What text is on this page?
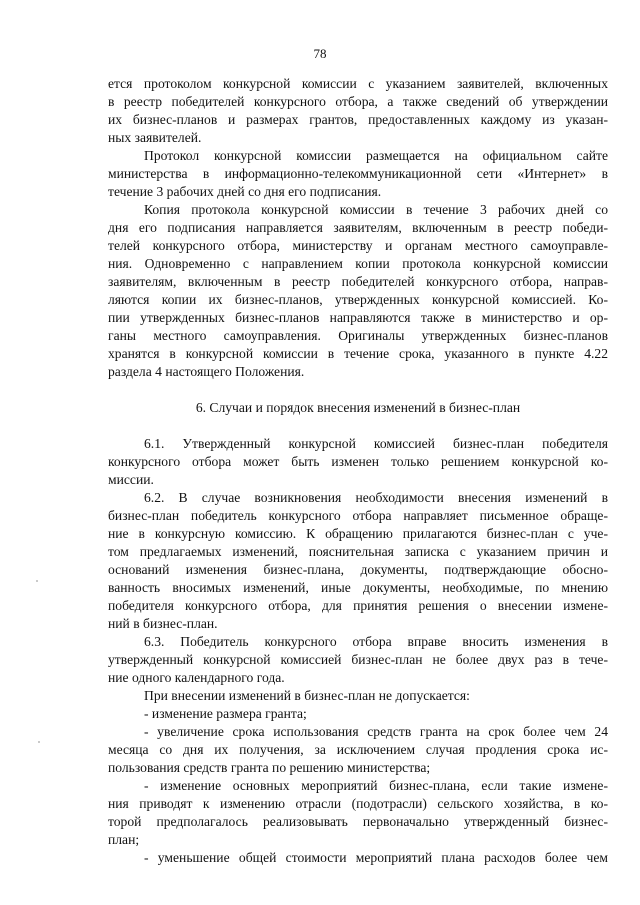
78
ется протоколом конкурсной комиссии с указанием заявителей, включенных
в реестр победителей конкурсного отбора, а также сведений об утверждении
их бизнес-планов и размерах грантов, предоставленных каждому из указан-
ных заявителей.
Протокол конкурсной комиссии размещается на официальном сайте
министерства в информационно-телекоммуникационной сети «Интернет» в
течение 3 рабочих дней со дня его подписания.
Копия протокола конкурсной комиссии в течение 3 рабочих дней со
дня его подписания направляется заявителям, включенным в реестр победи-
телей конкурсного отбора, министерству и органам местного самоуправле-
ния. Одновременно с направлением копии протокола конкурсной комиссии
заявителям, включенным в реестр победителей конкурсного отбора, направ-
ляются копии их бизнес-планов, утвержденных конкурсной комиссией. Ко-
пии утвержденных бизнес-планов направляются также в министерство и ор-
ганы местного самоуправления. Оригиналы утвержденных бизнес-планов
хранятся в конкурсной комиссии в течение срока, указанного в пункте 4.22
раздела 4 настоящего Положения.
6. Случаи и порядок внесения изменений в бизнес-план
6.1. Утвержденный конкурсной комиссией бизнес-план победителя
конкурсного отбора может быть изменен только решением конкурсной ко-
миссии.
6.2. В случае возникновения необходимости внесения изменений в
бизнес-план победитель конкурсного отбора направляет письменное обраще-
ние в конкурсную комиссию. К обращению прилагаются бизнес-план с уче-
том предлагаемых изменений, пояснительная записка с указанием причин и
оснований изменения бизнес-плана, документы, подтверждающие обосно-
ванность вносимых изменений, иные документы, необходимые, по мнению
победителя конкурсного отбора, для принятия решения о внесении измене-
ний в бизнес-план.
6.3. Победитель конкурсного отбора вправе вносить изменения в
утвержденный конкурсной комиссией бизнес-план не более двух раз в тече-
ние одного календарного года.
При внесении изменений в бизнес-план не допускается:
- изменение размера гранта;
- увеличение срока использования средств гранта на срок более чем 24
месяца со дня их получения, за исключением случая продления срока ис-
пользования средств гранта по решению министерства;
- изменение основных мероприятий бизнес-плана, если такие измене-
ния приводят к изменению отрасли (подотрасли) сельского хозяйства, в ко-
торой предполагалось реализовывать первоначально утвержденный бизнес-
план;
- уменьшение общей стоимости мероприятий плана расходов более чем
